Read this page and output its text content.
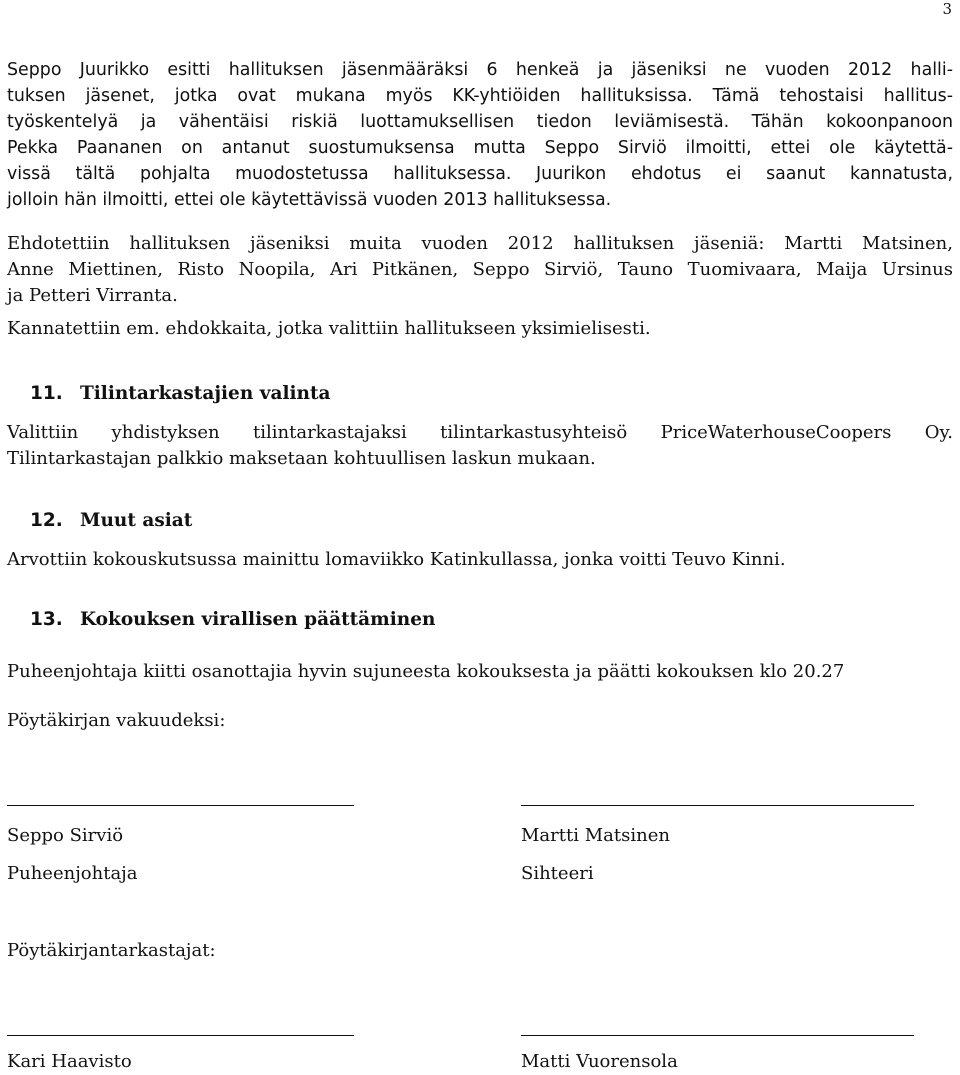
3
Seppo Juurikko esitti hallituksen jäsenmääräksi 6 henkeä ja jäseniksi ne vuoden 2012 halli-
tuksen jäsenet, jotka ovat mukana myös KK-yhtiöiden hallituksissa. Tämä tehostaisi hallitus-
työskentelyä ja vähentäisi riskiä luottamuksellisen tiedon leviämisestä. Tähän kokoonpanoon
Pekka Paananen on antanut suostumuksensa mutta Seppo Sirviö ilmoitti, ettei ole käytettä-
vissä tältä pohjalta muodostetussa hallituksessa. Juurikon ehdotus ei saanut kannatusta,
jolloin hän ilmoitti, ettei ole käytettävissä vuoden 2013 hallituksessa.
Ehdotettiin hallituksen jäseniksi muita vuoden 2012 hallituksen jäseniä: Martti Matsinen,
Anne Miettinen, Risto Noopila, Ari Pitkänen, Seppo Sirviö, Tauno Tuomivaara, Maija Ursinus
ja Petteri Virranta.
Kannatettiin em. ehdokkaita, jotka valittiin hallitukseen yksimielisesti.
11. Tilintarkastajien valinta
Valittiin yhdistyksen tilintarkastajaksi tilintarkastusyhteisö PriceWaterhouseCoopers Oy.
Tilintarkastajan palkkio maksetaan kohtuullisen laskun mukaan.
12. Muut asiat
Arvottiin kokouskutsussa mainittu lomaviikko Katinkullassa, jonka voitti Teuvo Kinni.
13. Kokouksen virallisen päättäminen
Puheenjohtaja kiitti osanottajia hyvin sujuneesta kokouksesta ja päätti kokouksen klo 20.27
Pöytäkirjan vakuudeksi:
Seppo Sirviö
Puheenjohtaja
Martti Matsinen
Sihteeri
Pöytäkirjantarkastajat:
Kari Haavisto	Matti Vuorensola
